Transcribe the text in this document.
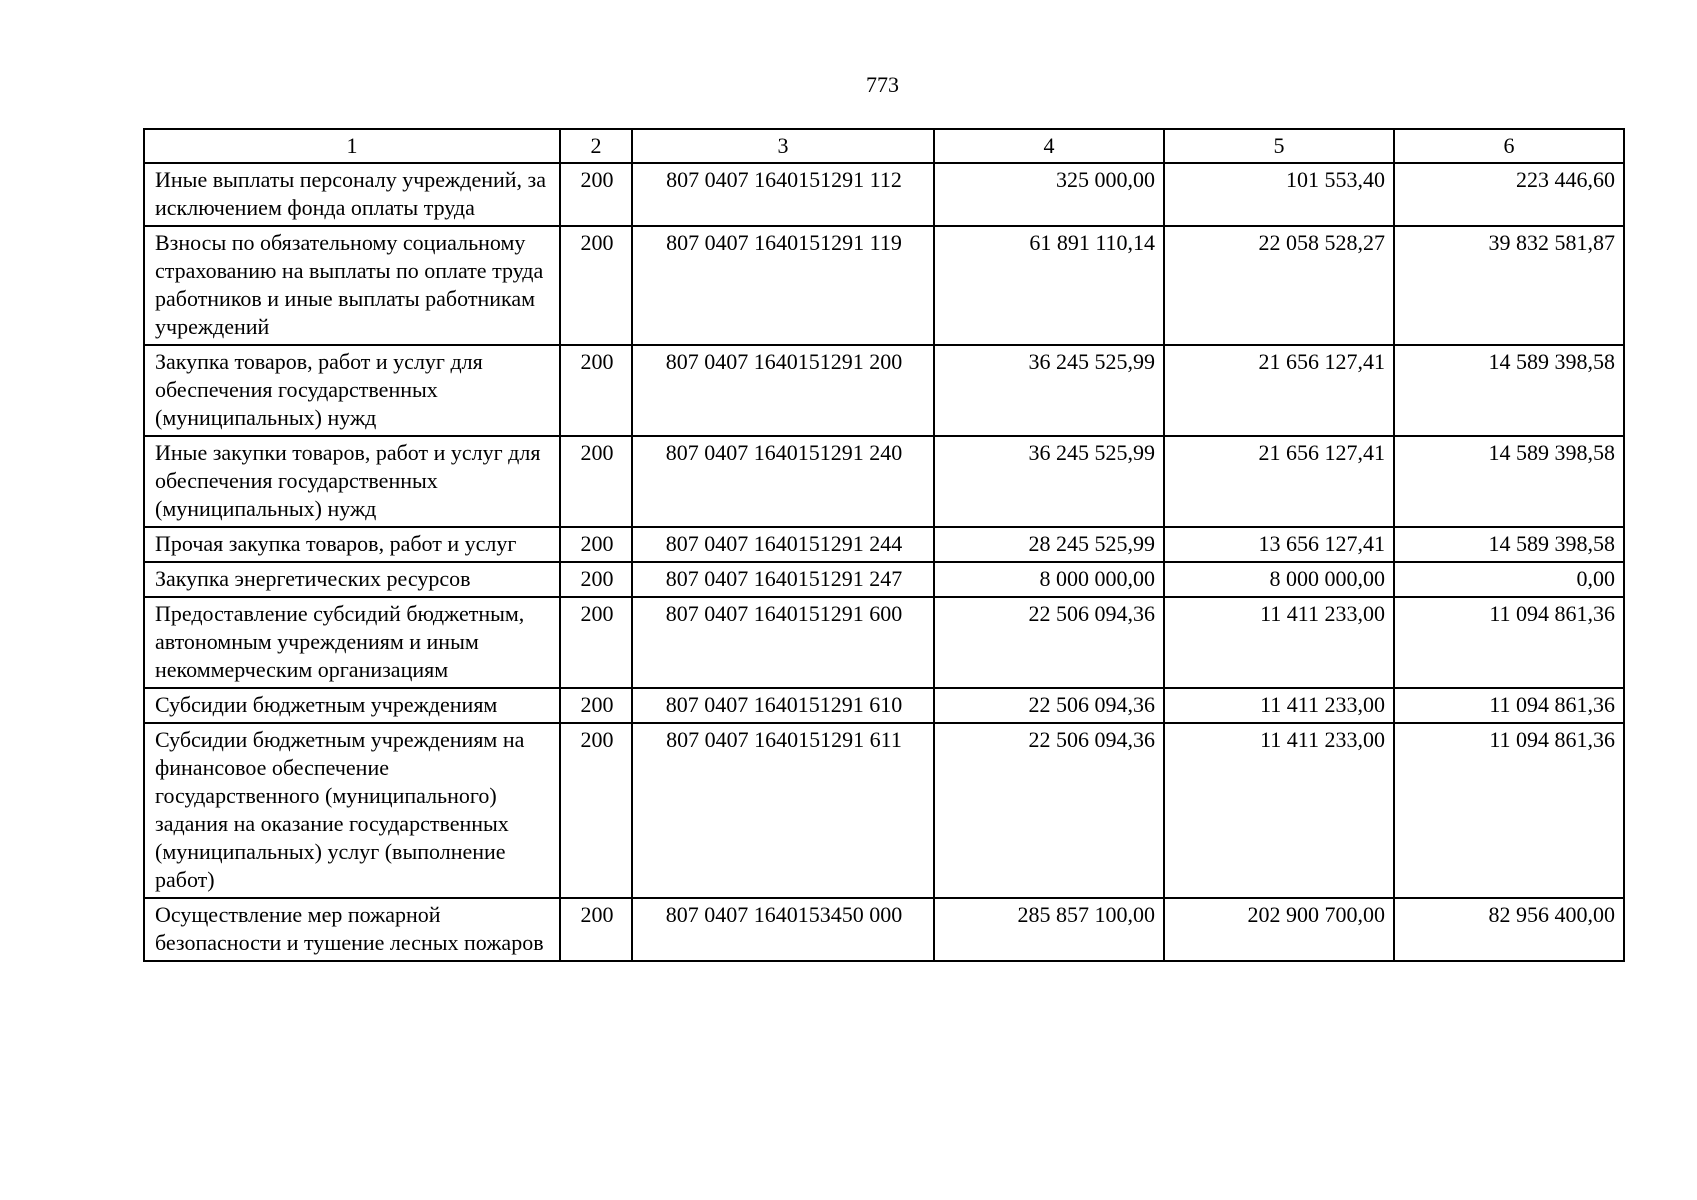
773
1	2	3	4	5	6
Иные выплаты персоналу учреждений, за исключением фонда оплаты труда	200	807 0407 1640151291 112	325 000,00	101 553,40	223 446,60
Взносы по обязательному социальному страхованию на выплаты по оплате труда работников и иные выплаты работникам учреждений	200	807 0407 1640151291 119	61 891 110,14	22 058 528,27	39 832 581,87
Закупка товаров, работ и услуг для обеспечения государственных (муниципальных) нужд	200	807 0407 1640151291 200	36 245 525,99	21 656 127,41	14 589 398,58
Иные закупки товаров, работ и услуг для обеспечения государственных (муниципальных) нужд	200	807 0407 1640151291 240	36 245 525,99	21 656 127,41	14 589 398,58
Прочая закупка товаров, работ и услуг	200	807 0407 1640151291 244	28 245 525,99	13 656 127,41	14 589 398,58
Закупка энергетических ресурсов	200	807 0407 1640151291 247	8 000 000,00	8 000 000,00	0,00
Предоставление субсидий бюджетным, автономным учреждениям и иным некоммерческим организациям	200	807 0407 1640151291 600	22 506 094,36	11 411 233,00	11 094 861,36
Субсидии бюджетным учреждениям	200	807 0407 1640151291 610	22 506 094,36	11 411 233,00	11 094 861,36
Субсидии бюджетным учреждениям на финансовое обеспечение государственного (муниципального) задания на оказание государственных (муниципальных) услуг (выполнение работ)	200	807 0407 1640151291 611	22 506 094,36	11 411 233,00	11 094 861,36
Осуществление мер пожарной безопасности и тушение лесных пожаров	200	807 0407 1640153450 000	285 857 100,00	202 900 700,00	82 956 400,00
